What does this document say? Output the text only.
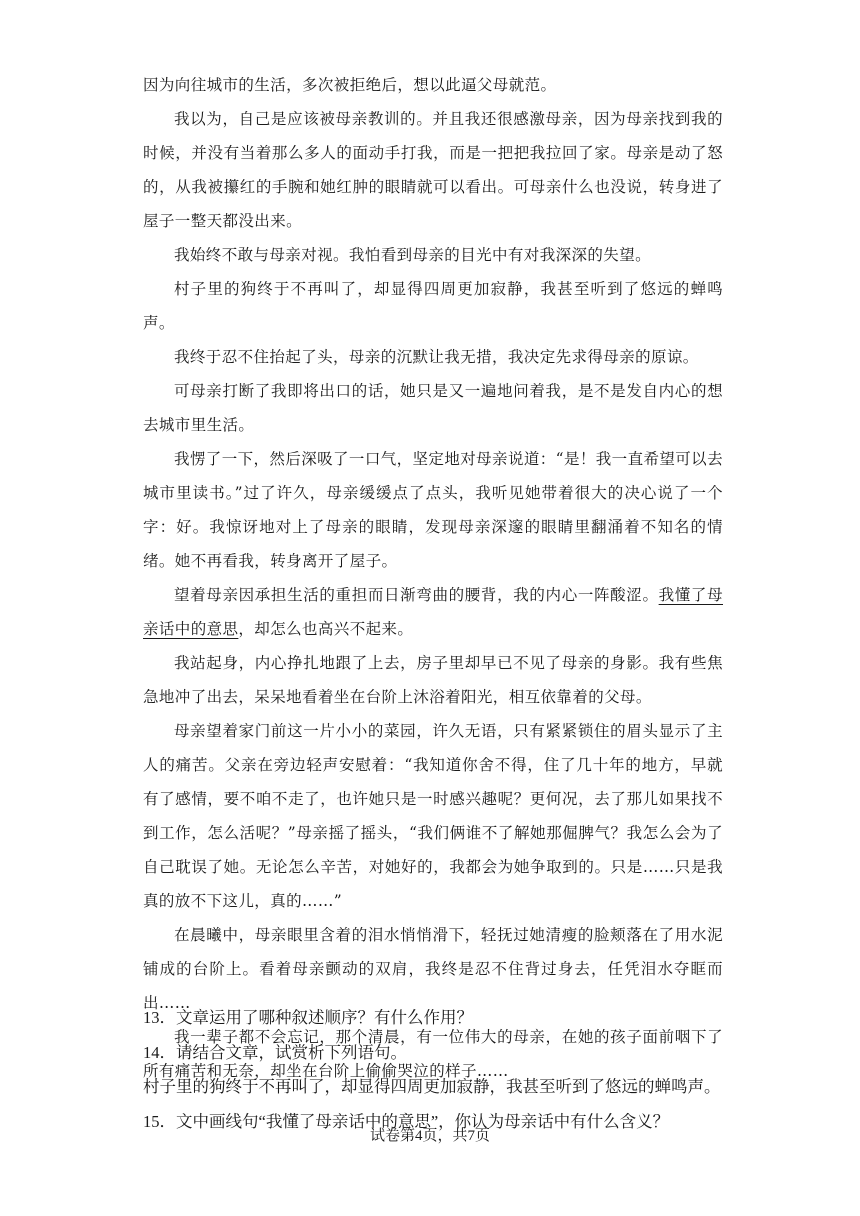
因为向往城市的生活，多次被拒绝后，想以此逼父母就范。

我以为，自己是应该被母亲教训的。并且我还很感激母亲，因为母亲找到我的时候，并没有当着那么多人的面动手打我，而是一把把我拉回了家。母亲是动了怒的，从我被攥红的手腕和她红肿的眼睛就可以看出。可母亲什么也没说，转身进了屋子一整天都没出来。

我始终不敢与母亲对视。我怕看到母亲的目光中有对我深深的失望。

村子里的狗终于不再叫了，却显得四周更加寂静，我甚至听到了悠远的蝉鸣声。

我终于忍不住抬起了头，母亲的沉默让我无措，我决定先求得母亲的原谅。

可母亲打断了我即将出口的话，她只是又一遍地问着我，是不是发自内心的想去城市里生活。

我愣了一下，然后深吸了一口气，坚定地对母亲说道：“是！我一直希望可以去城市里读书。”过了许久，母亲缓缓点了点头，我听见她带着很大的决心说了一个字：好。我惊讶地对上了母亲的眼睛，发现母亲深邃的眼睛里翻涌着不知名的情绪。她不再看我，转身离开了屋子。

望着母亲因承担生活的重担而日渐弯曲的腰背，我的内心一阵酸涩。我懂了母亲话中的意思，却怎么也高兴不起来。

我站起身，内心挣扎地跟了上去，房子里却早已不见了母亲的身影。我有些焦急地冲了出去，呆呆地看着坐在台阶上沐浴着阳光，相互依靠着的父母。

母亲望着家门前这一片小小的菜园，许久无语，只有紧紧锁住的眉头显示了主人的痛苦。父亲在旁边轻声安慰着：“我知道你舍不得，住了几十年的地方，早就有了感情，要不咱不走了，也许她只是一时感兴趣呢？更何况，去了那儿如果找不到工作，怎么活呢？”母亲摇了摇头，“我们俩谁不了解她那倔脾气？我怎么会为了自己耽误了她。无论怎么辛苦，对她好的，我都会为她争取到的。只是……只是我真的放不下这儿，真的……”

在晨曦中，母亲眼里含着的泪水悄悄滑下，轻抚过她清瘦的脸颊落在了用水泥铺成的台阶上。看着母亲颤动的双肩，我终是忍不住背过身去，任凭泪水夺眶而出……

我一辈子都不会忘记，那个清晨，有一位伟大的母亲，在她的孩子面前咽下了所有痛苦和无奈，却坐在台阶上偷偷哭泣的样子……

13．文章运用了哪种叙述顺序？有什么作用？

14．请结合文章，试赏析下列语句。

村子里的狗终于不再叫了，却显得四周更加寂静，我甚至听到了悠远的蝉鸣声。

15．文中画线句“我懂了母亲话中的意思”，你认为母亲话中有什么含义？

试卷第4页，共7页
